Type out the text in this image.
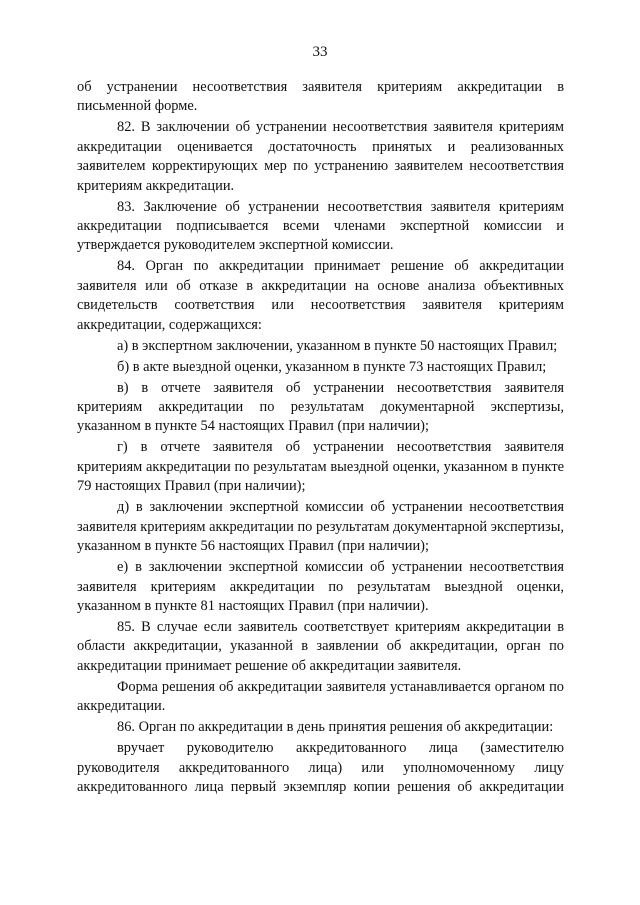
33

об устранении несоответствия заявителя критериям аккредитации в письменной форме.

82. В заключении об устранении несоответствия заявителя критериям аккредитации оценивается достаточность принятых и реализованных заявителем корректирующих мер по устранению заявителем несоответствия критериям аккредитации.

83. Заключение об устранении несоответствия заявителя критериям аккредитации подписывается всеми членами экспертной комиссии и утверждается руководителем экспертной комиссии.

84. Орган по аккредитации принимает решение об аккредитации заявителя или об отказе в аккредитации на основе анализа объективных свидетельств соответствия или несоответствия заявителя критериям аккредитации, содержащихся:

а) в экспертном заключении, указанном в пункте 50 настоящих Правил;

б) в акте выездной оценки, указанном в пункте 73 настоящих Правил;

в) в отчете заявителя об устранении несоответствия заявителя критериям аккредитации по результатам документарной экспертизы, указанном в пункте 54 настоящих Правил (при наличии);

г) в отчете заявителя об устранении несоответствия заявителя критериям аккредитации по результатам выездной оценки, указанном в пункте 79 настоящих Правил (при наличии);

д) в заключении экспертной комиссии об устранении несоответствия заявителя критериям аккредитации по результатам документарной экспертизы, указанном в пункте 56 настоящих Правил (при наличии);

е) в заключении экспертной комиссии об устранении несоответствия заявителя критериям аккредитации по результатам выездной оценки, указанном в пункте 81 настоящих Правил (при наличии).

85. В случае если заявитель соответствует критериям аккредитации в области аккредитации, указанной в заявлении об аккредитации, орган по аккредитации принимает решение об аккредитации заявителя.

Форма решения об аккредитации заявителя устанавливается органом по аккредитации.

86. Орган по аккредитации в день принятия решения об аккредитации:

вручает руководителю аккредитованного лица (заместителю руководителя аккредитованного лица) или уполномоченному лицу аккредитованного лица первый экземпляр копии решения об аккредитации
